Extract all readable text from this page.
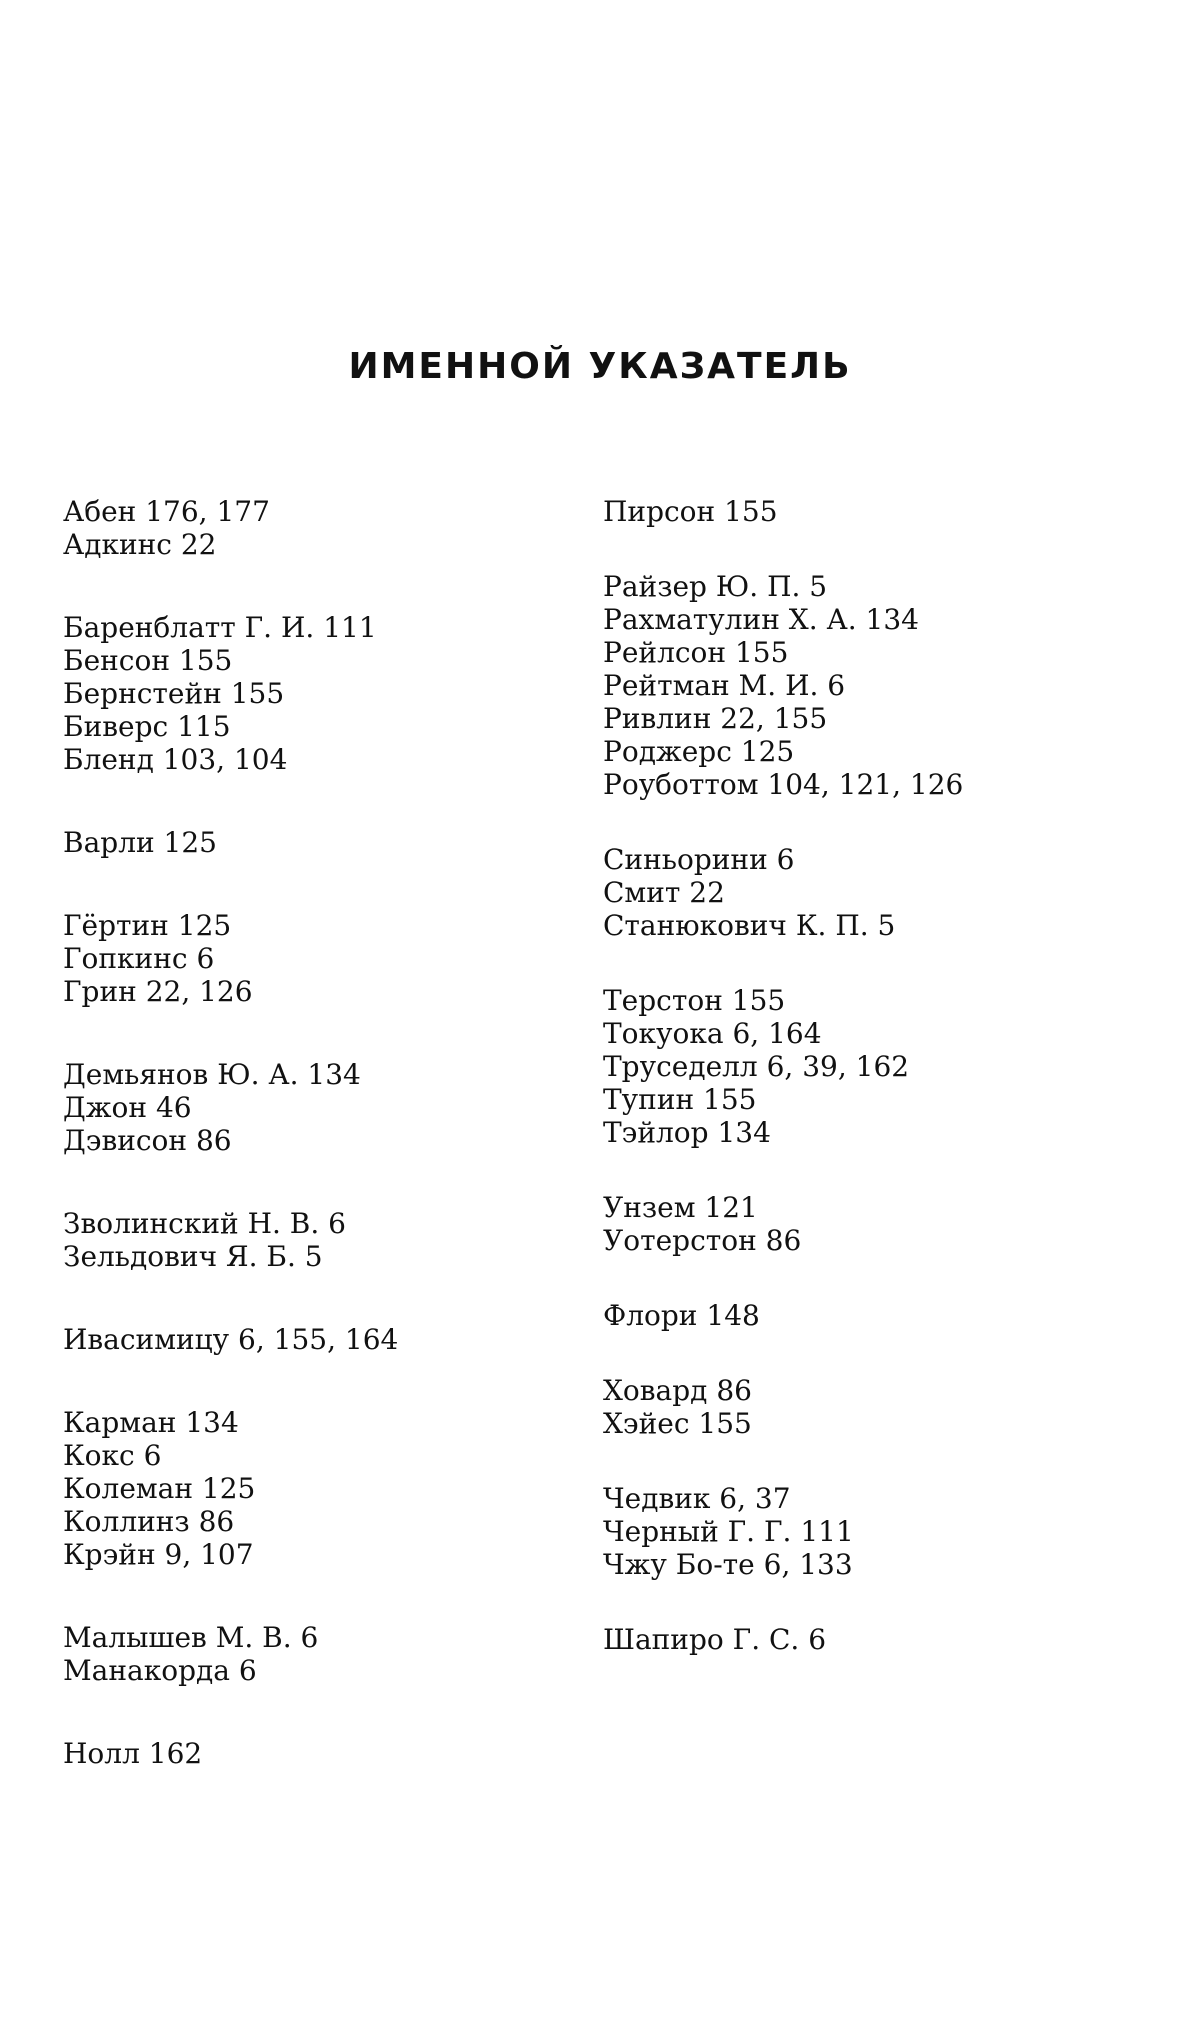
ИМЕННОЙ УКАЗАТЕЛЬ
Абен 176, 177
Адкинс 22
Баренблатт Г. И. 111
Бенсон 155
Бернстейн 155
Биверс 115
Бленд 103, 104
Варли 125
Гёртин 125
Гопкинс 6
Грин 22, 126
Демьянов Ю. А. 134
Джон 46
Дэвисон 86
Зволинский Н. В. 6
Зельдович Я. Б. 5
Ивасимицу 6, 155, 164
Карман 134
Кокс 6
Колеман 125
Коллинз 86
Крэйн 9, 107
Малышев М. В. 6
Манакорда 6
Нолл 162
Пирсон 155
Райзер Ю. П. 5
Рахматулин Х. А. 134
Рейлсон 155
Рейтман М. И. 6
Ривлин 22, 155
Роджерс 125
Роуботтом 104, 121, 126
Синьорини 6
Смит 22
Станюкович К. П. 5
Терстон 155
Токуока 6, 164
Труседелл 6, 39, 162
Тупин 155
Тэйлор 134
Унзем 121
Уотерстон 86
Флори 148
Ховард 86
Хэйес 155
Чедвик 6, 37
Черный Г. Г. 111
Чжу Бо-те 6, 133
Шапиро Г. С. 6
